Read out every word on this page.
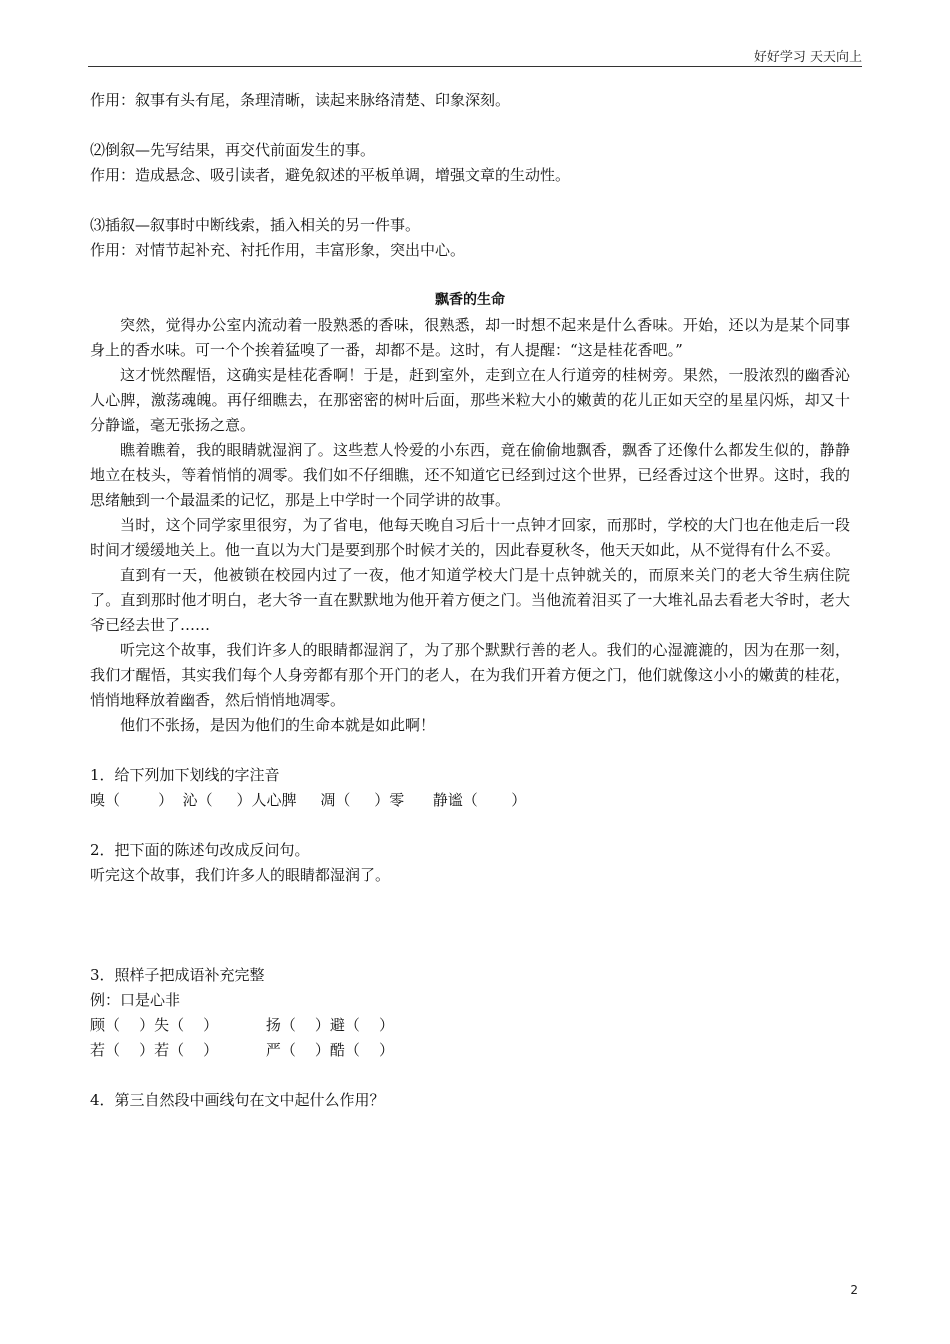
好好学习 天天向上
作用：叙事有头有尾，条理清晰，读起来脉络清楚、印象深刻。
⑵倒叙—先写结果，再交代前面发生的事。
作用：造成悬念、吸引读者，避免叙述的平板单调，增强文章的生动性。
⑶插叙—叙事时中断线索，插入相关的另一件事。
作用：对情节起补充、衬托作用，丰富形象，突出中心。
飘香的生命

突然，觉得办公室内流动着一股熟悉的香味，很熟悉，却一时想不起来是什么香味。开始，还以为是某个同事身上的香水味。可一个个挨着猛嗅了一番，却都不是。这时，有人提醒：“这是桂花香吧。”

这才恍然醒悟，这确实是桂花香啊！于是，赶到室外，走到立在人行道旁的桂树旁。果然，一股浓烈的幽香沁人心脾，激荡魂魄。再仔细瞧去，在那密密的树叶后面，那些米粒大小的嫩黄的花儿正如天空的星星闪烁，却又十分静谧，毫无张扬之意。

瞧着瞧着，我的眼睛就湿润了。这些惹人怜爱的小东西，竟在偷偷地飘香，飘香了还像什么都发生似的，静静地立在枝头，等着悄悄的凋零。我们如不仔细瞧，还不知道它已经到过这个世界，已经香过这个世界。这时，我的思绪触到一个最温柔的记忆，那是上中学时一个同学讲的故事。

当时，这个同学家里很穷，为了省电，他每天晚自习后十一点钟才回家，而那时，学校的大门也在他走后一段时间才缓缓地关上。他一直以为大门是要到那个时候才关的，因此春夏秋冬，他天天如此，从不觉得有什么不妥。

直到有一天，他被锁在校园内过了一夜，他才知道学校大门是十点钟就关的，而原来关门的老大爷生病住院了。直到那时他才明白，老大爷一直在默默地为他开着方便之门。当他流着泪买了一大堆礼品去看老大爷时，老大爷已经去世了……

听完这个故事，我们许多人的眼睛都湿润了，为了那个默默行善的老人。我们的心湿漉漉的，因为在那一刻，我们才醒悟，其实我们每个人身旁都有那个开门的老人，在为我们开着方便之门，他们就像这小小的嫩黄的桂花，悄悄地释放着幽香，然后悄悄地凋零。

他们不张扬，是因为他们的生命本就是如此啊！

1．给下列加下划线的字注音
嗅（        ）  沁（     ）人心脾     凋（     ）零      静谧（       ）
2．把下面的陈述句改成反问句。
听完这个故事，我们许多人的眼睛都湿润了。
3．照样子把成语补充完整
例：口是心非
顾（    ）失（    ）          扬（    ）避（    ）
若（    ）若（    ）          严（    ）酷（    ）
4．第三自然段中画线句在文中起什么作用？
2
